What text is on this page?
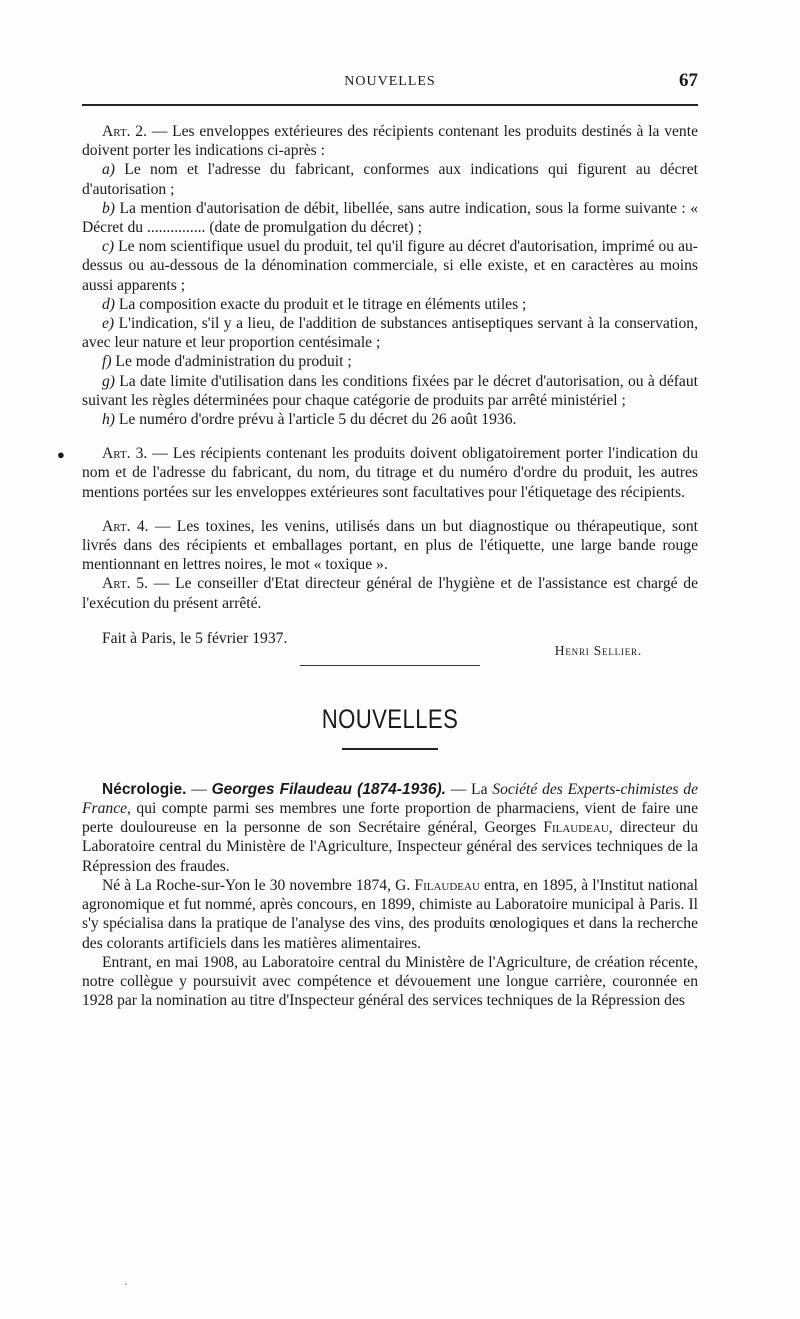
NOUVELLES	67

Art. 2. — Les enveloppes extérieures des récipients contenant les produits destinés à la vente doivent porter les indications ci-après :

a) Le nom et l'adresse du fabricant, conformes aux indications qui figurent au décret d'autorisation ;

b) La mention d'autorisation de débit, libellée, sans autre indication, sous la forme suivante : « Décret du ............... (date de promulgation du décret) ;

c) Le nom scientifique usuel du produit, tel qu'il figure au décret d'autorisation, imprimé ou au-dessus ou au-dessous de la dénomination commerciale, si elle existe, et en caractères au moins aussi apparents ;

d) La composition exacte du produit et le titrage en éléments utiles ;

e) L'indication, s'il y a lieu, de l'addition de substances antiseptiques servant à la conservation, avec leur nature et leur proportion centésimale ;

f) Le mode d'administration du produit ;

g) La date limite d'utilisation dans les conditions fixées par le décret d'autorisation, ou à défaut suivant les règles déterminées pour chaque catégorie de produits par arrêté ministériel ;

h) Le numéro d'ordre prévu à l'article 5 du décret du 26 août 1936.

●	Art. 3. — Les récipients contenant les produits doivent obligatoirement porter l'indication du nom et de l'adresse du fabricant, du nom, du titrage et du numéro d'ordre du produit, les autres mentions portées sur les enveloppes extérieures sont facultatives pour l'étiquetage des récipients.

Art. 4. — Les toxines, les venins, utilisés dans un but diagnostique ou thérapeutique, sont livrés dans des récipients et emballages portant, en plus de l'étiquette, une large bande rouge mentionnant en lettres noires, le mot « toxique ».

Art. 5. — Le conseiller d'Etat directeur général de l'hygiène et de l'assistance est chargé de l'exécution du présent arrêté.

Fait à Paris, le 5 février 1937.
Henri Sellier.
NOUVELLES

Nécrologie. — Georges Filaudeau (1874-1936). — La Société des Experts-chimistes de France, qui compte parmi ses membres une forte proportion de pharmaciens, vient de faire une perte douloureuse en la personne de son Secrétaire général, Georges Filaudeau, directeur du Laboratoire central du Ministère de l'Agriculture, Inspecteur général des services techniques de la Répression des fraudes.

Né à La Roche-sur-Yon le 30 novembre 1874, G. Filaudeau entra, en 1895, à l'Institut national agronomique et fut nommé, après concours, en 1899, chimiste au Laboratoire municipal à Paris. Il s'y spécialisa dans la pratique de l'analyse des vins, des produits œnologiques et dans la recherche des colorants artificiels dans les matières alimentaires.

Entrant, en mai 1908, au Laboratoire central du Ministère de l'Agriculture, de création récente, notre collègue y poursuivit avec compétence et dévouement une longue carrière, couronnée en 1928 par la nomination au titre d'Inspecteur général des services techniques de la Répression des

·
